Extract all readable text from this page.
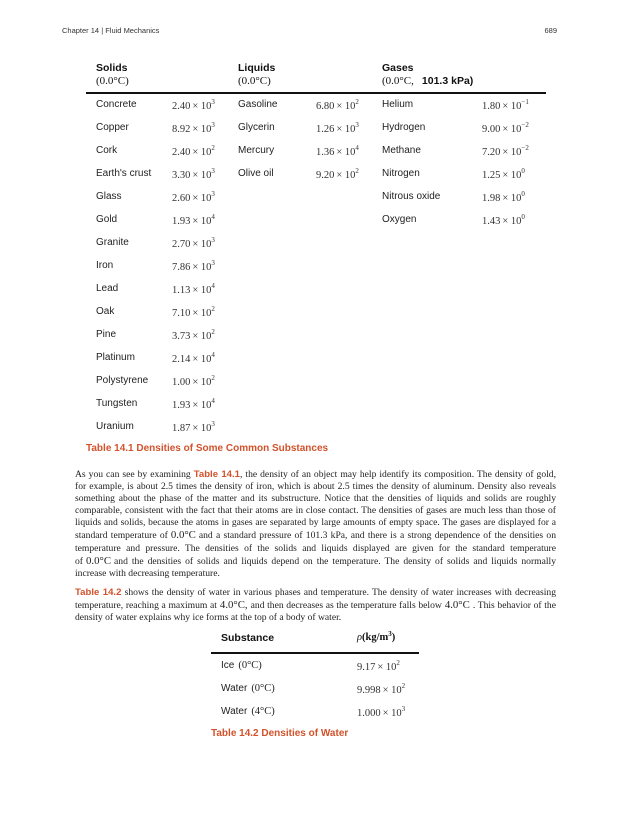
Chapter 14 | Fluid Mechanics	689
Solids
(0.0°C)
Liquids
(0.0°C)
Gases
(0.0°C, 101.3 kPa)
Concrete	$2.40 \times 10^3$
Copper	$8.92 \times 10^3$
Cork	$2.40 \times 10^2$
Earth's crust $3.30 \times 10^3$
Glass	$2.60 \times 10^3$
Gold	$1.93 \times 10^4$
Granite	$2.70 \times 10^3$
Iron	$7.86 \times 10^3$
Lead	$1.13 \times 10^4$
Oak	$7.10 \times 10^2$
Pine	$3.73 \times 10^2$
Platinum	$2.14 \times 10^4$
Polystyrene $1.00 \times 10^2$
Tungsten	$1.93 \times 10^4$
Uranium	$1.87 \times 10^3$
Gasoline	$6.80 \times 10^2$
Glycerin	$1.26 \times 10^3$
Mercury	$1.36 \times 10^4$
Olive oil	$9.20 \times 10^2$
Helium	$1.80 \times 10^{-1}$
Hydrogen	$9.00 \times 10^{-2}$
Methane	$7.20 \times 10^{-2}$
Nitrogen	$1.25 \times 10^0$
Nitrous oxide	$1.98 \times 10^0$
Oxygen	$1.43 \times 10^0$
Table 14.1 Densities of Some Common Substances

As you can see by examining Table 14.1, the density of an object may help identify its composition. The density of gold, for example, is about 2.5 times the density of iron, which is about 2.5 times the density of aluminum. Density also reveals something about the phase of the matter and its substructure. Notice that the densities of liquids and solids are roughly comparable, consistent with the fact that their atoms are in close contact. The densities of gases are much less than those of liquids and solids, because the atoms in gases are separated by large amounts of empty space. The gases are displayed for a standard temperature of 0.0°C and a standard pressure of 101.3 kPa, and there is a strong dependence of the densities on temperature and pressure. The densities of the solids and liquids displayed are given for the standard temperature of 0.0°C and the densities of solids and liquids depend on the temperature. The density of solids and liquids normally increase with decreasing temperature.

Table 14.2 shows the density of water in various phases and temperature. The density of water increases with decreasing temperature, reaching a maximum at 4.0°C, and then decreases as the temperature falls below 4.0°C . This behavior of the density of water explains why ice forms at the top of a body of water.

Substance	$\rho(kg/m^3)$
Ice (0°C)	$9.17 \times 10^2$
Water (0°C)	$9.998 \times 10^2$
Water (4°C)	$1.000 \times 10^3$
Table 14.2 Densities of Water
